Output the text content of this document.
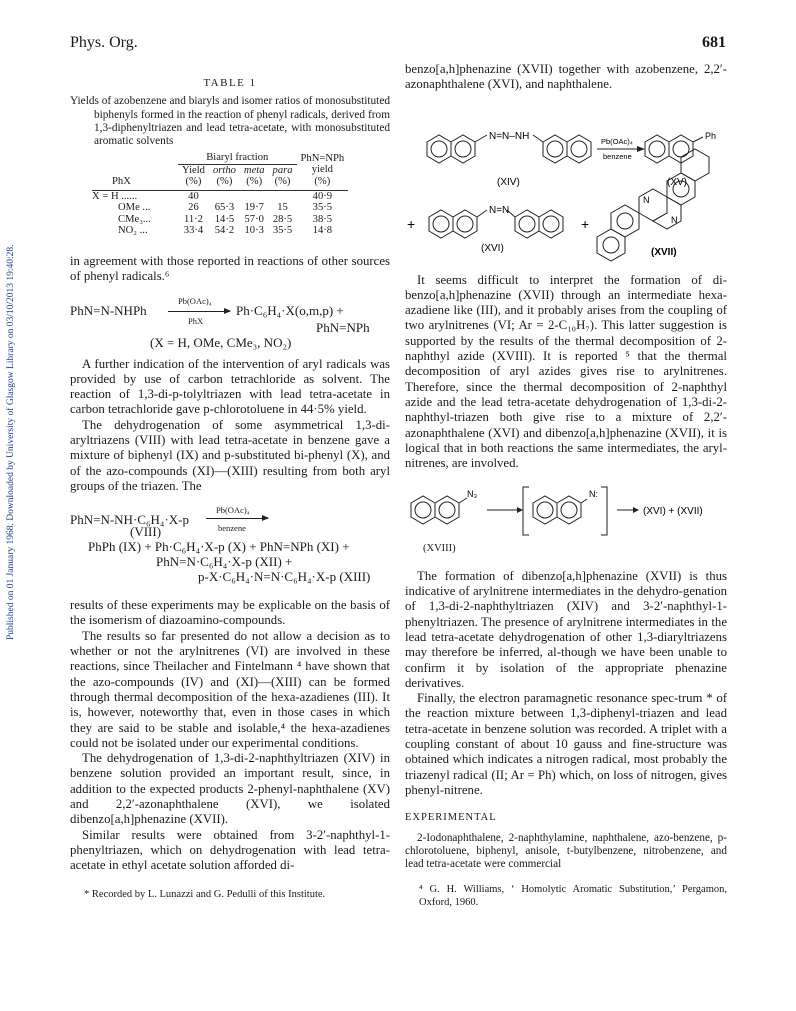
Published on 01 January 1968. Downloaded by University of Glasgow Library on 03/10/2013 19:40:28.
Phys. Org.	681
TABLE 1
Yields of azobenzene and biaryls and isomer ratios of monosubstituted biphenyls formed in the reaction of phenyl radicals, derived from 1,3-diphenyltriazen and lead tetra-acetate, with monosubstituted aromatic solvents
	Biaryl fraction				PhN=NPh
	Yield	ortho	meta	para	yield
PhX	(%)	(%)	(%)	(%)	(%)

X = H ......	40				40·9
OMe ...	26	65·3	19·7	15	35·5
CMe₃...	11·2	14·5	57·0	28·5	38·5
NO₂ ...	33·4	54·2	10·3	35·5	14·8

in agreement with those reported in reactions of other sources of phenyl radicals.⁶

PhN=N-NHPh
Pb(OAc)₄
PhX
Ph·C₆H₄·X(o,m,p) +
PhN=NPh
(X = H, OMe, CMe₃, NO₂)

A further indication of the intervention of aryl radicals was provided by use of carbon tetrachloride as solvent. The reaction of 1,3-di-p-tolyltriazen with lead tetra-acetate in carbon tetrachloride gave p-chlorotoluene in 44·5% yield.

The dehydrogenation of some asymmetrical 1,3-di-aryltriazens (VIII) with lead tetra-acetate in benzene gave a mixture of biphenyl (IX) and p-substituted bi-phenyl (X), and of the azo-compounds (XI)—(XIII) resulting from both aryl groups of the triazen. The

PhN=N-NH·C₆H₄·X-p
(VIII)
Pb(OAc)₄
benzene
PhPh (IX) + Ph·C₆H₄·X-p (X) + PhN=NPh (XI) +
PhN=N·C₆H₄·X-p (XII) +
p-X·C₆H₄·N=N·C₆H₄·X-p (XIII)

results of these experiments may be explicable on the basis of the isomerism of diazoamino-compounds.

The results so far presented do not allow a decision as to whether or not the arylnitrenes (VI) are involved in these reactions, since Theilacher and Fintelmann ⁴ have shown that the azo-compounds (IV) and (XI)—(XIII) can be formed through thermal decomposition of the hexa-azadienes (III). It is, however, noteworthy that, even in those cases in which they are said to be stable and isolable,⁴ the hexa-azadienes could not be isolated under our experimental conditions.

The dehydrogenation of 1,3-di-2-naphthyltriazen (XIV) in benzene solution provided an important result, since, in addition to the expected products 2-phenyl-naphthalene (XV) and 2,2′-azonaphthalene (XVI), we isolated dibenzo[a,h]phenazine (XVII).

Similar results were obtained from 3-2′-naphthyl-1-phenyltriazen, which on dehydrogenation with lead tetra-acetate in ethyl acetate solution afforded di-

* Recorded by L. Lunazzi and G. Pedulli of this Institute.

benzo[a,h]phenazine (XVII) together with azobenzene, 2,2′-azonaphthalene (XVI), and naphthalene.

N=N–NH	Pb(OAc)₄
benzene
Ph
(XIV)	(XV)
+
N=N
(XVI)
+
N
N
(XVII)

It seems difficult to interpret the formation of di-benzo[a,h]phenazine (XVII) through an intermediate hexa-azadiene like (III), and it probably arises from the coupling of two arylnitrenes (VI; Ar = 2-C₁₀H₇). This latter suggestion is supported by the results of the thermal decomposition of 2-naphthyl azide (XVIII). It is reported ⁵ that the thermal decomposition of aryl azides gives rise to arylnitrenes. Therefore, since the thermal decomposition of 2-naphthyl azide and the lead tetra-acetate dehydrogenation of 1,3-di-2-naphthyl-triazen both give rise to a mixture of 2,2′-azonaphthalene (XVI) and dibenzo[a,h]phenazine (XVII), it is logical that in both reactions the same intermediates, the aryl-nitrenes, are involved.

N₃	N:
(XVI) + (XVII)
(XVIII)

The formation of dibenzo[a,h]phenazine (XVII) is thus indicative of arylnitrene intermediates in the dehydro-genation of 1,3-di-2-naphthyltriazen (XIV) and 3-2′-naphthyl-1-phenyltriazen. The presence of arylnitrene intermediates in the lead tetra-acetate dehydrogenation of other 1,3-diaryltriazens may therefore be inferred, al-though we have been unable to confirm it by isolation of the appropriate phenazine derivatives.

Finally, the electron paramagnetic resonance spec-trum * of the reaction mixture between 1,3-diphenyl-triazen and lead tetra-acetate in benzene solution was recorded. A triplet with a coupling constant of about 10 gauss and fine-structure was obtained which indicates a nitrogen radical, most probably the triazenyl radical (II; Ar = Ph) which, on loss of nitrogen, gives phenyl-nitrene.

EXPERIMENTAL

2-Iodonaphthalene, 2-naphthylamine, naphthalene, azo-benzene, p-chlorotoluene, biphenyl, anisole, t-butylbenzene, nitrobenzene, and lead tetra-acetate were commercial

⁴ G. H. Williams, ‘ Homolytic Aromatic Substitution,’ Pergamon, Oxford, 1960.
